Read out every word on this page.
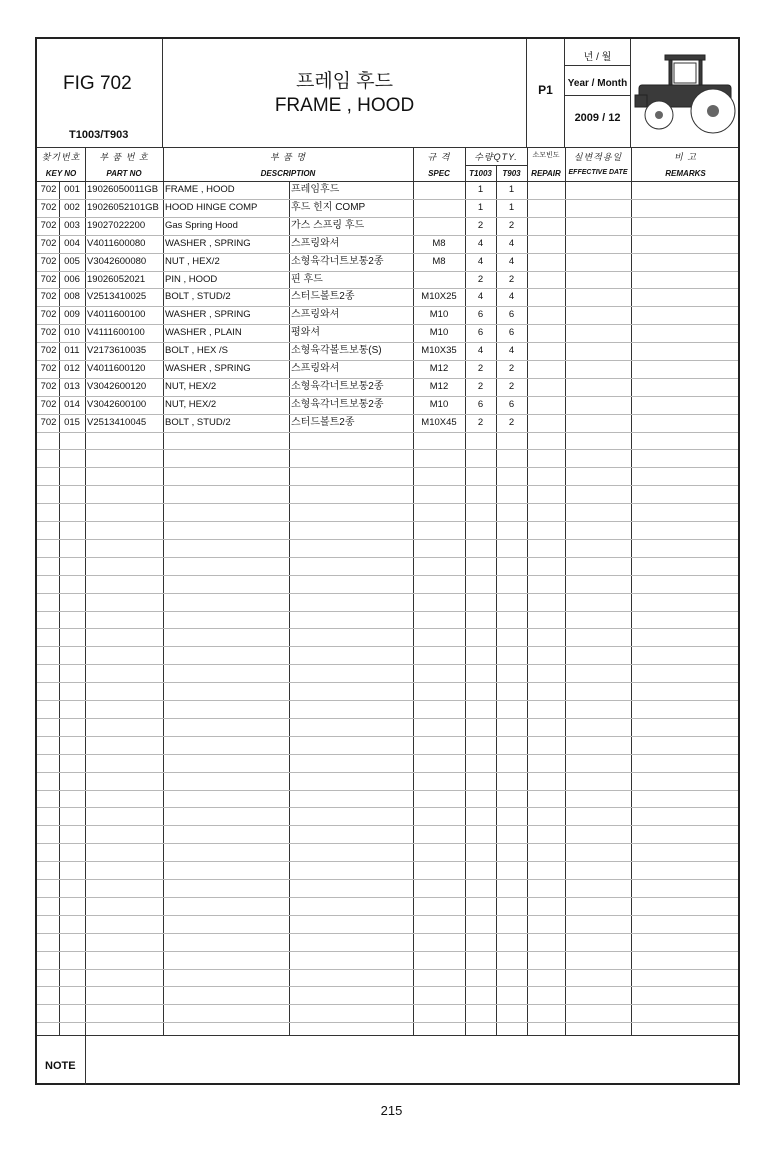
FIG 702
T1003/T903
프레임 후드
FRAME , HOOD
P1
년 / 월
Year / Month
2009 / 12
찾기번호
KEY NO
부 품 번 호
PART NO
부 품 명
DESCRIPTION
규 격
SPEC
수량QTY.
T1003	T903
소모빈도
REPAIR
실변적용일
EFFECTIVE DATE
비 고
REMARKS
702 001 19026050011GB FRAME , HOOD	프레임후드	1	1
702 002 19026052101GB HOOD HINGE COMP	후드 힌지 COMP	1	1
702 003 19027022200	Gas Spring Hood	가스 스프링 후드	2	2
702 004 V4011600080	WASHER , SPRING	스프링와셔	M8	4	4
702 005 V3042600080	NUT , HEX/2	소형육각너트보통2종	M8	4	4
702 006 19026052021	PIN , HOOD	핀 후드	2	2
702 008 V2513410025	BOLT , STUD/2	스터드볼트2종	M10X25	4	4
702 009 V4011600100	WASHER , SPRING	스프링와셔	M10	6	6
702 010 V4111600100	WASHER , PLAIN	평와셔	M10	6	6
702 011 V2173610035	BOLT , HEX /S	소형육각볼트보통(S)	M10X35	4	4
702 012 V4011600120	WASHER , SPRING	스프링와셔	M12	2	2
702 013 V3042600120	NUT, HEX/2	소형육각너트보통2종	M12	2	2
702 014 V3042600100	NUT, HEX/2	소형육각너트보통2종	M10	6	6
702 015 V2513410045	BOLT , STUD/2	스터드볼트2종	M10X45	2	2
NOTE
215
